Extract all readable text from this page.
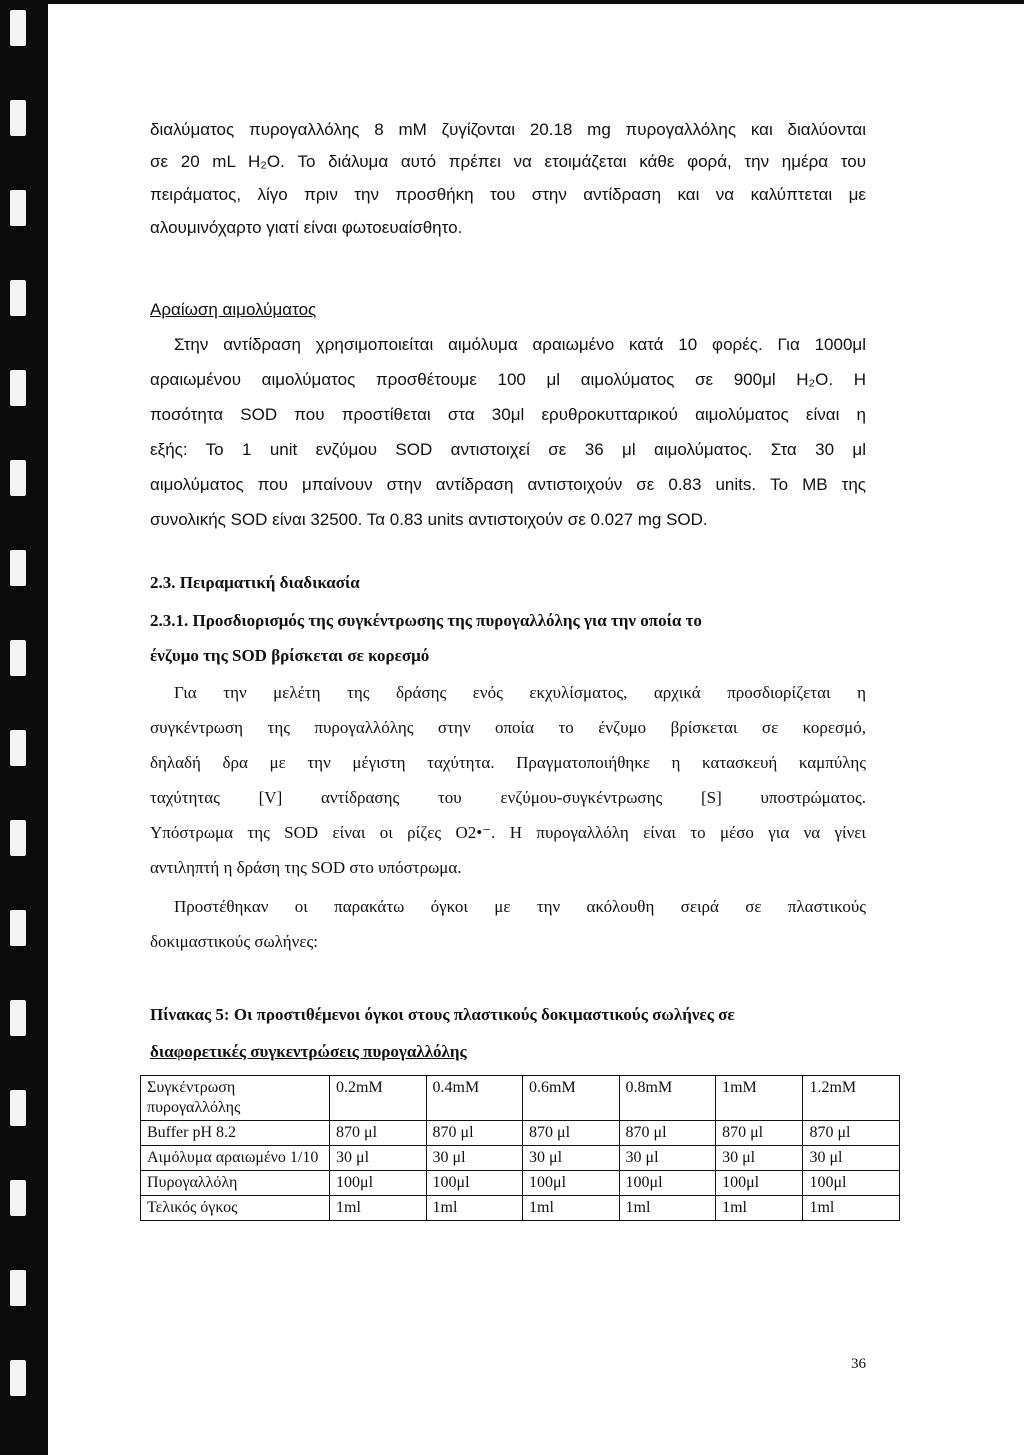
διαλύματος πυρογαλλόλης 8 mM ζυγίζονται 20.18 mg πυρογαλλόλης και διαλύονται
σε 20 mL H₂O. Το διάλυμα αυτό πρέπει να ετοιμάζεται κάθε φορά, την ημέρα του
πειράματος, λίγο πριν την προσθήκη του στην αντίδραση και να καλύπτεται με
αλουμινόχαρτο γιατί είναι φωτοευαίσθητο.
Αραίωση αιμολύματος
Στην αντίδραση χρησιμοποιείται αιμόλυμα αραιωμένο κατά 10 φορές. Για 1000μl
αραιωμένου αιμολύματος προσθέτουμε 100 μl αιμολύματος σε 900μl H₂O. Η
ποσότητα SOD που προστίθεται στα 30μl ερυθροκυτταρικού αιμολύματος είναι η
εξής: Το 1 unit ενζύμου SOD αντιστοιχεί σε 36 μl αιμολύματος. Στα 30 μl
αιμολύματος που μπαίνουν στην αντίδραση αντιστοιχούν σε 0.83 units. Το MB της
συνολικής SOD είναι 32500. Τα 0.83 units αντιστοιχούν σε 0.027 mg SOD.
2.3. Πειραματική διαδικασία
2.3.1. Προσδιορισμός της συγκέντρωσης της πυρογαλλόλης για την οποία το
ένζυμο της SOD βρίσκεται σε κορεσμό
Για την μελέτη της δράσης ενός εκχυλίσματος, αρχικά προσδιορίζεται η
συγκέντρωση της πυρογαλλόλης στην οποία το ένζυμο βρίσκεται σε κορεσμό,
δηλαδή δρα με την μέγιστη ταχύτητα. Πραγματοποιήθηκε η κατασκευή καμπύλης
ταχύτητας [V] αντίδρασης του ενζύμου-συγκέντρωσης [S] υποστρώματος.
Υπόστρωμα της SOD είναι οι ρίζες O2•⁻. Η πυρογαλλόλη είναι το μέσο για να γίνει
αντιληπτή η δράση της SOD στο υπόστρωμα.
Προστέθηκαν οι παρακάτω όγκοι με την ακόλουθη σειρά σε πλαστικούς
δοκιμαστικούς σωλήνες:
Πίνακας 5: Οι προστιθέμενοι όγκοι στους πλαστικούς δοκιμαστικούς σωλήνες σε
διαφορετικές συγκεντρώσεις πυρογαλλόλης
Συγκέντρωση πυρογαλλόλης	0.2mM	0.4mM	0.6mM	0.8mM	1mM	1.2mM
Buffer pH 8.2	870 μl	870 μl	870 μl	870 μl	870 μl	870 μl
Αιμόλυμα αραιωμένο 1/10	30 μl	30 μl	30 μl	30 μl	30 μl	30 μl
Πυρογαλλόλη	100μl	100μl	100μl	100μl	100μl	100μl
Τελικός όγκος	1ml	1ml	1ml	1ml	1ml	1ml
36
